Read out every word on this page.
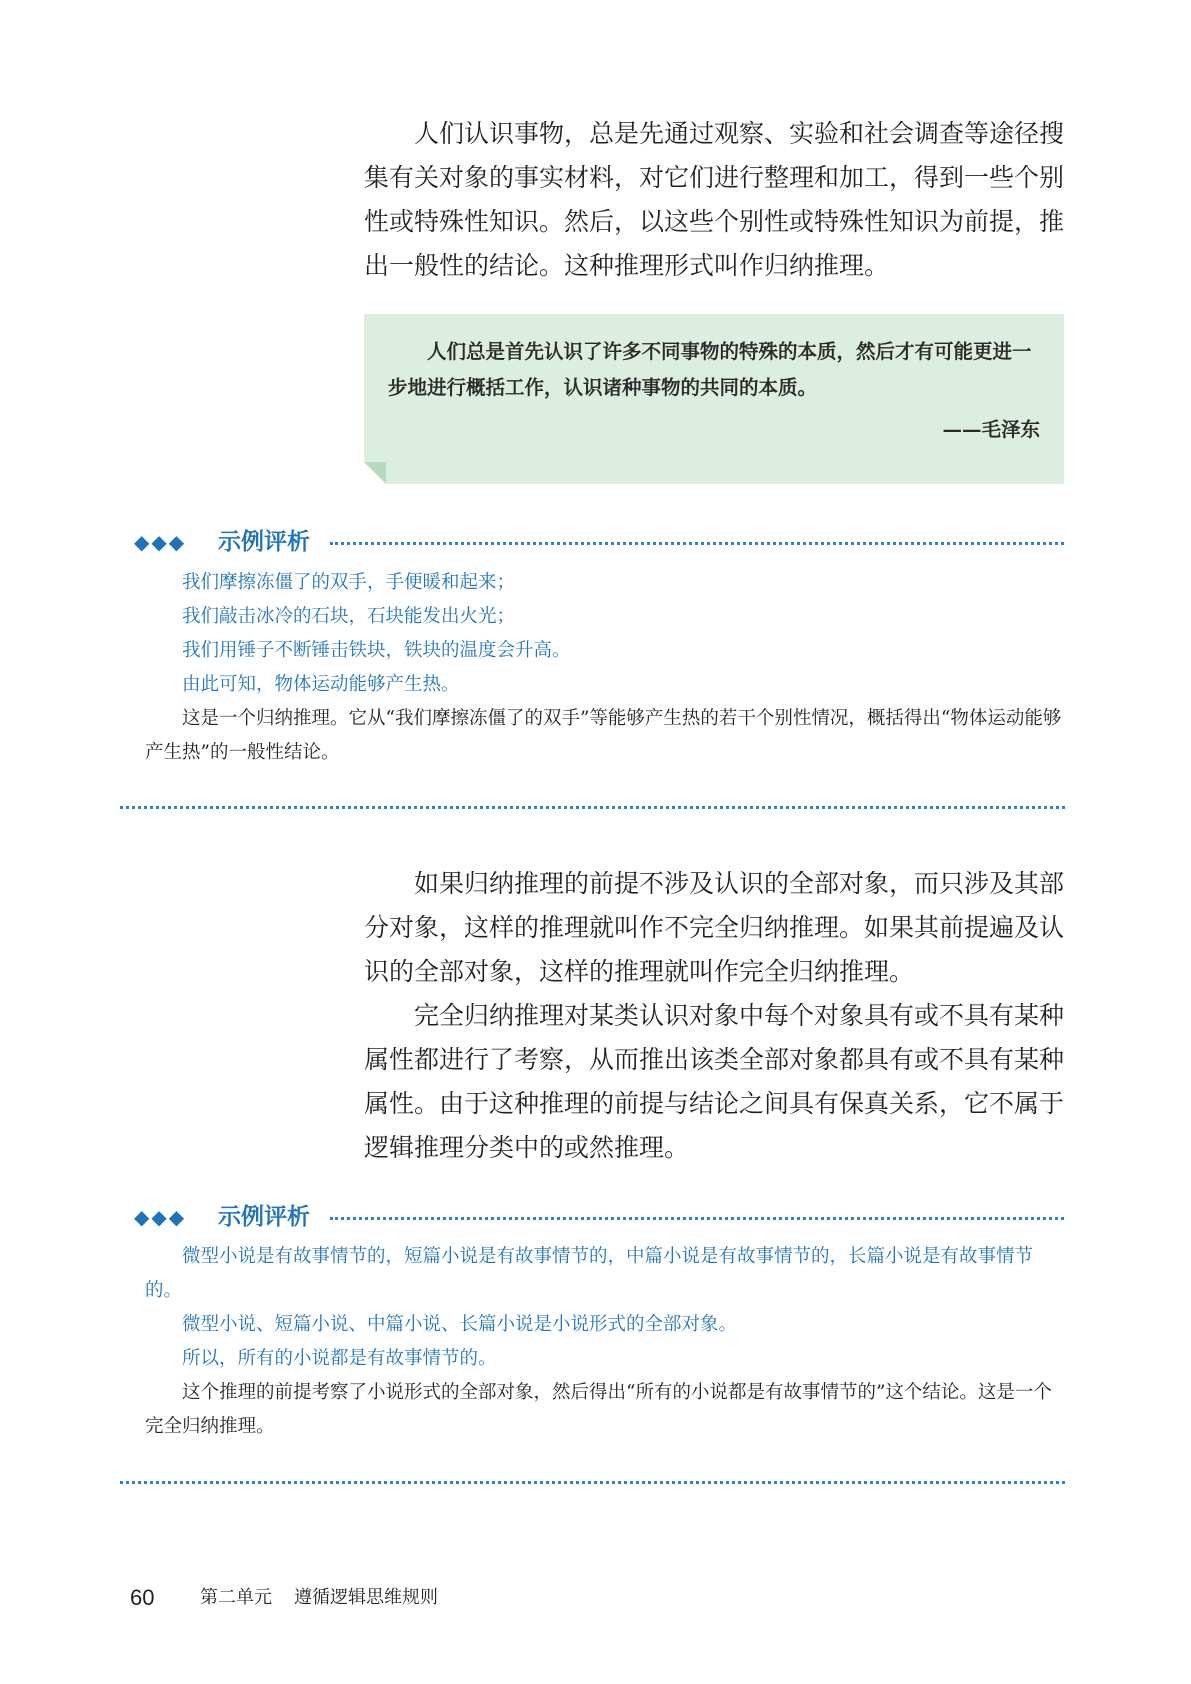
人们认识事物，总是先通过观察、实验和社会调查等途径搜集有关对象的事实材料，对它们进行整理和加工，得到一些个别性或特殊性知识。然后，以这些个别性或特殊性知识为前提，推出一般性的结论。这种推理形式叫作归纳推理。

人们总是首先认识了许多不同事物的特殊的本质，然后才有可能更进一步地进行概括工作，认识诸种事物的共同的本质。

——毛泽东
◆◆◆ 示例评析

我们摩擦冻僵了的双手，手便暖和起来；

我们敲击冰冷的石块，石块能发出火光；

我们用锤子不断锤击铁块，铁块的温度会升高。

由此可知，物体运动能够产生热。

这是一个归纳推理。它从“我们摩擦冻僵了的双手”等能够产生热的若干个别性情况，概括得出“物体运动能够产生热”的一般性结论。

如果归纳推理的前提不涉及认识的全部对象，而只涉及其部分对象，这样的推理就叫作不完全归纳推理。如果其前提遍及认识的全部对象，这样的推理就叫作完全归纳推理。

完全归纳推理对某类认识对象中每个对象具有或不具有某种属性都进行了考察，从而推出该类全部对象都具有或不具有某种属性。由于这种推理的前提与结论之间具有保真关系，它不属于逻辑推理分类中的或然推理。

◆◆◆ 示例评析

微型小说是有故事情节的，短篇小说是有故事情节的，中篇小说是有故事情节的，长篇小说是有故事情节的。

微型小说、短篇小说、中篇小说、长篇小说是小说形式的全部对象。

所以，所有的小说都是有故事情节的。

这个推理的前提考察了小说形式的全部对象，然后得出“所有的小说都是有故事情节的”这个结论。这是一个完全归纳推理。

60	第二单元 遵循逻辑思维规则
